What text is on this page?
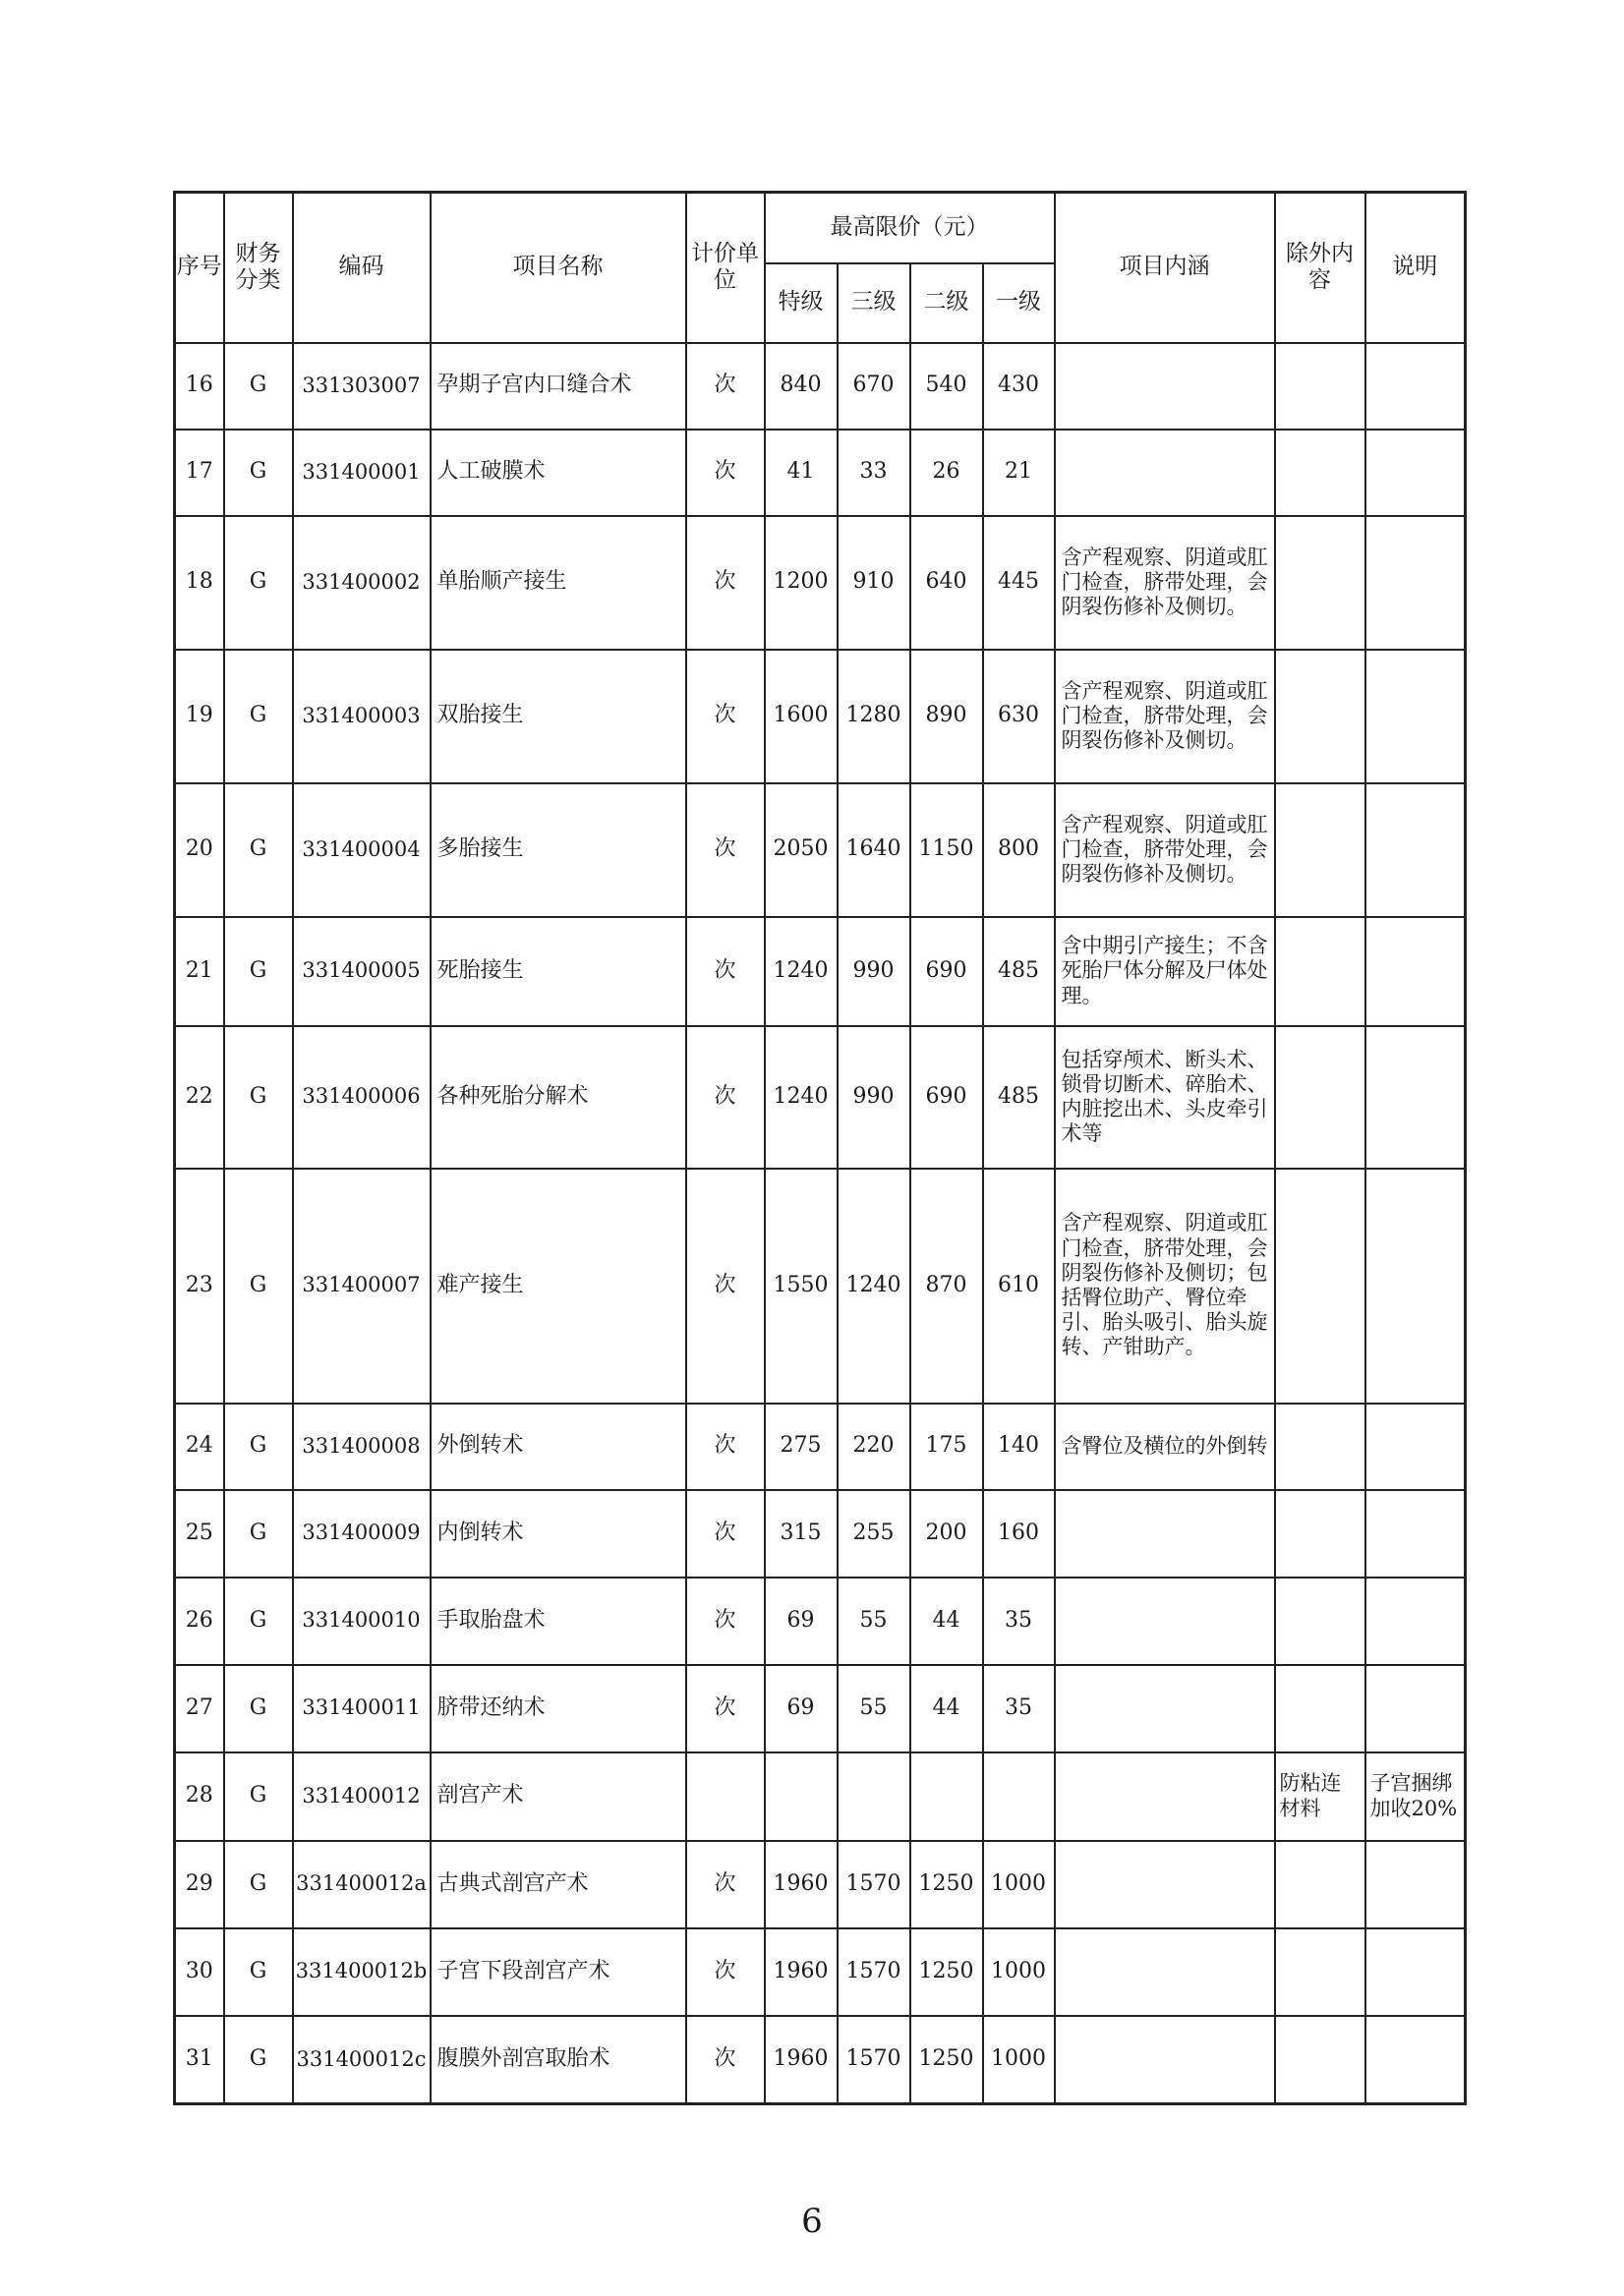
序号	财务分类	编码	项目名称	计价单位	最高限价（元）				项目内涵	除外内容	说明
					特级	三级	二级	一级			
16	G	331303007	孕期子宫内口缝合术	次	840	670	540	430			
17	G	331400001	人工破膜术	次	41	33	26	21			
18	G	331400002	单胎顺产接生	次	1200	910	640	445	含产程观察、阴道或肛门检查，脐带处理，会阴裂伤修补及侧切。		
19	G	331400003	双胎接生	次	1600	1280	890	630	含产程观察、阴道或肛门检查，脐带处理，会阴裂伤修补及侧切。		
20	G	331400004	多胎接生	次	2050	1640	1150	800	含产程观察、阴道或肛门检查，脐带处理，会阴裂伤修补及侧切。		
21	G	331400005	死胎接生	次	1240	990	690	485	含中期引产接生；不含死胎尸体分解及尸体处理。		
22	G	331400006	各种死胎分解术	次	1240	990	690	485	包括穿颅术、断头术、锁骨切断术、碎胎术、内脏挖出术、头皮牵引术等		
23	G	331400007	难产接生	次	1550	1240	870	610	含产程观察、阴道或肛门检查，脐带处理，会阴裂伤修补及侧切；包括臀位助产、臀位牵引、胎头吸引、胎头旋转、产钳助产。		
24	G	331400008	外倒转术	次	275	220	175	140	含臀位及横位的外倒转		
25	G	331400009	内倒转术	次	315	255	200	160			
26	G	331400010	手取胎盘术	次	69	55	44	35			
27	G	331400011	脐带还纳术	次	69	55	44	35			
28	G	331400012	剖宫产术							防粘连材料	子宫捆绑加收20%
29	G	331400012a	古典式剖宫产术	次	1960	1570	1250	1000			
30	G	331400012b	子宫下段剖宫产术	次	1960	1570	1250	1000			
31	G	331400012c	腹膜外剖宫取胎术	次	1960	1570	1250	1000			
6
